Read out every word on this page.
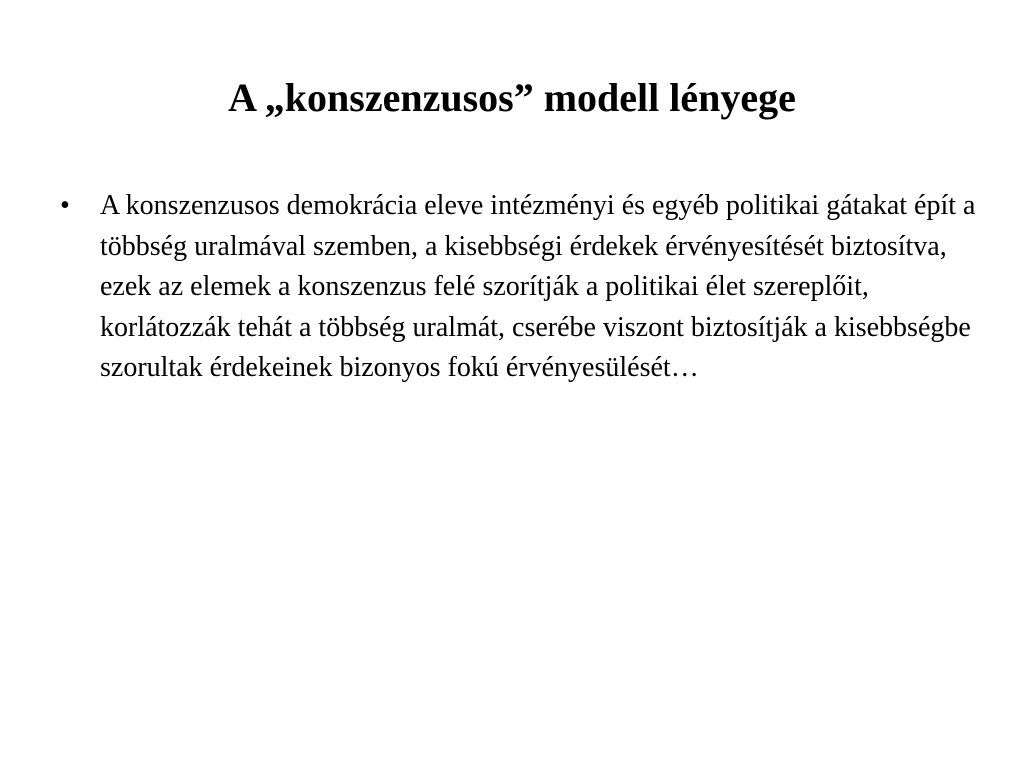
A „konszenzusos” modell lényege
•	A konszenzusos demokrácia eleve intézményi és egyéb politikai gátakat épít a többség uralmával szemben, a kisebbségi érdekek érvényesítését biztosítva, ezek az elemek a konszenzus felé szorítják a politikai élet szereplőit, korlátozzák tehát a többség uralmát, cserébe viszont biztosítják a kisebbségbe szorultak érdekeinek bizonyos fokú érvényesülését…
